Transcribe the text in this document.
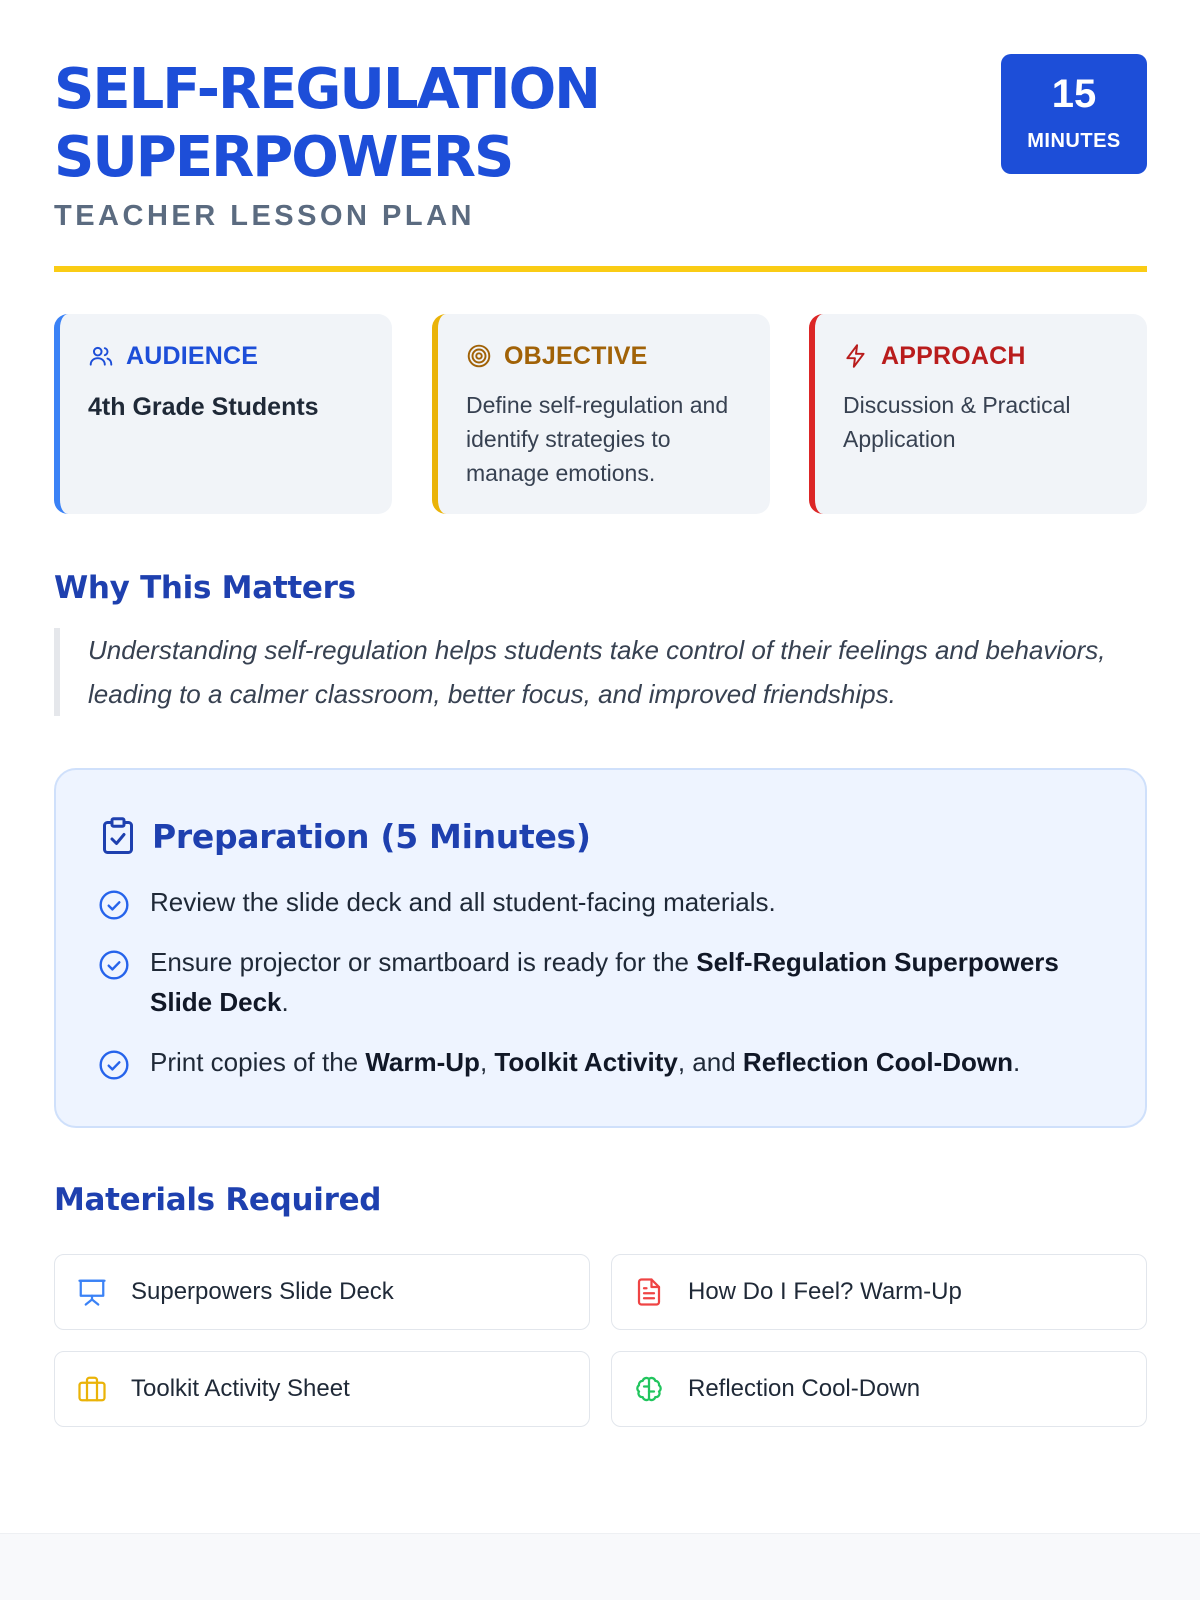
SELF-REGULATION
SUPERPOWERS
TEACHER LESSON PLAN
15
MINUTES
AUDIENCE
4th Grade Students
OBJECTIVE
Define self-regulation and identify strategies to manage emotions.
APPROACH
Discussion & Practical Application
Why This Matters

Understanding self-regulation helps students take control of their feelings and behaviors, leading to a calmer classroom, better focus, and improved friendships.

Preparation (5 Minutes)
Review the slide deck and all student-facing materials.
Ensure projector or smartboard is ready for the Self-Regulation Superpowers Slide Deck.
Print copies of the Warm-Up, Toolkit Activity, and Reflection Cool-Down.
Materials Required
Superpowers Slide Deck	How Do I Feel? Warm-Up
Toolkit Activity Sheet	Reflection Cool-Down
